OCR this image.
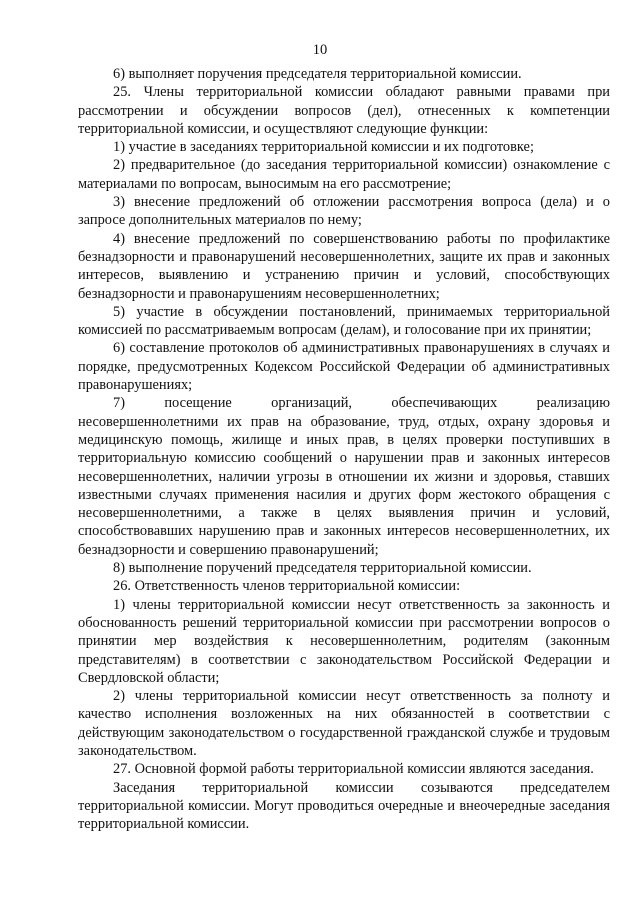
10

6) выполняет поручения председателя территориальной комиссии.

25. Члены территориальной комиссии обладают равными правами при рассмотрении и обсуждении вопросов (дел), отнесенных к компетенции территориальной комиссии, и осуществляют следующие функции:

1) участие в заседаниях территориальной комиссии и их подготовке;

2) предварительное (до заседания территориальной комиссии) ознакомление с материалами по вопросам, выносимым на его рассмотрение;

3) внесение предложений об отложении рассмотрения вопроса (дела) и о запросе дополнительных материалов по нему;

4) внесение предложений по совершенствованию работы по профилактике безнадзорности и правонарушений несовершеннолетних, защите их прав и законных интересов, выявлению и устранению причин и условий, способствующих безнадзорности и правонарушениям несовершеннолетних;

5) участие в обсуждении постановлений, принимаемых территориальной комиссией по рассматриваемым вопросам (делам), и голосование при их принятии;

6) составление протоколов об административных правонарушениях в случаях и порядке, предусмотренных Кодексом Российской Федерации об административных правонарушениях;

7) посещение организаций, обеспечивающих реализацию несовершеннолетними их прав на образование, труд, отдых, охрану здоровья и медицинскую помощь, жилище и иных прав, в целях проверки поступивших в территориальную комиссию сообщений о нарушении прав и законных интересов несовершеннолетних, наличии угрозы в отношении их жизни и здоровья, ставших известными случаях применения насилия и других форм жестокого обращения с несовершеннолетними, а также в целях выявления причин и условий, способствовавших нарушению прав и законных интересов несовершеннолетних, их безнадзорности и совершению правонарушений;

8) выполнение поручений председателя территориальной комиссии.

26. Ответственность членов территориальной комиссии:

1) члены территориальной комиссии несут ответственность за законность и обоснованность решений территориальной комиссии при рассмотрении вопросов о принятии мер воздействия к несовершеннолетним, родителям (законным представителям) в соответствии с законодательством Российской Федерации и Свердловской области;

2) члены территориальной комиссии несут ответственность за полноту и качество исполнения возложенных на них обязанностей в соответствии с действующим законодательством о государственной гражданской службе и трудовым законодательством.

27. Основной формой работы территориальной комиссии являются заседания.

Заседания территориальной комиссии созываются председателем территориальной комиссии. Могут проводиться очередные и внеочередные заседания территориальной комиссии.
